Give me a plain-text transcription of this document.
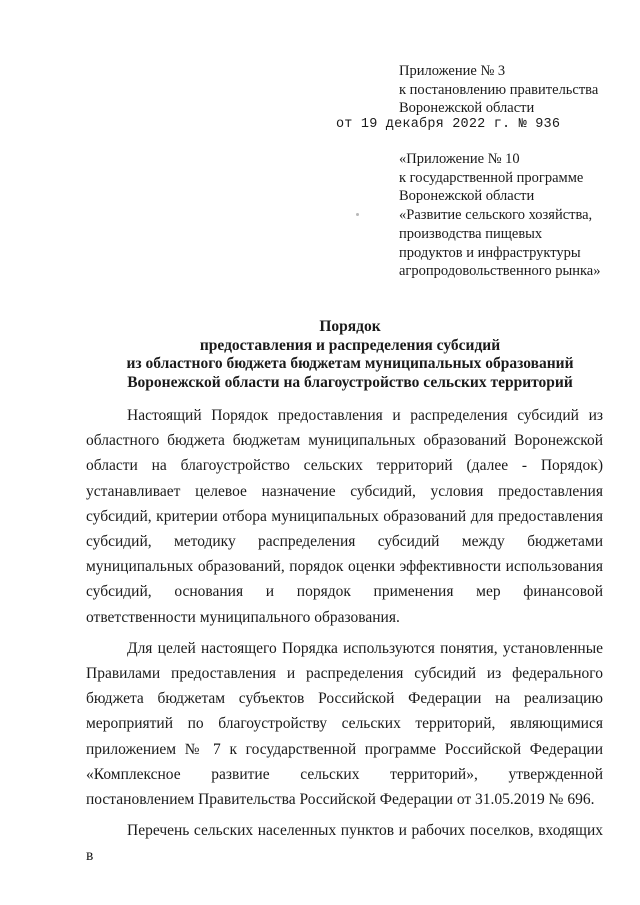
Приложение № 3
к постановлению правительства
Воронежской области
от 19 декабря 2022 г. № 936
«Приложение № 10
к государственной программе
Воронежской области
«Развитие сельского хозяйства,
производства пищевых
продуктов и инфраструктуры
агропродовольственного рынка»
Порядок
предоставления и распределения субсидий
из областного бюджета бюджетам муниципальных образований
Воронежской области на благоустройство сельских территорий

Настоящий Порядок предоставления и распределения субсидий из областного бюджета бюджетам муниципальных образований Воронежской области на благоустройство сельских территорий (далее - Порядок) устанавливает целевое назначение субсидий, условия предоставления субсидий, критерии отбора муниципальных образований для предоставления субсидий, методику распределения субсидий между бюджетами муниципальных образований, порядок оценки эффективности использования субсидий, основания и порядок применения мер финансовой ответственности муниципального образования.

Для целей настоящего Порядка используются понятия, установленные Правилами предоставления и распределения субсидий из федерального бюджета бюджетам субъектов Российской Федерации на реализацию мероприятий по благоустройству сельских территорий, являющимися приложением № 7 к государственной программе Российской Федерации «Комплексное развитие сельских территорий», утвержденной постановлением Правительства Российской Федерации от 31.05.2019 № 696.

Перечень сельских населенных пунктов и рабочих поселков, входящих в
